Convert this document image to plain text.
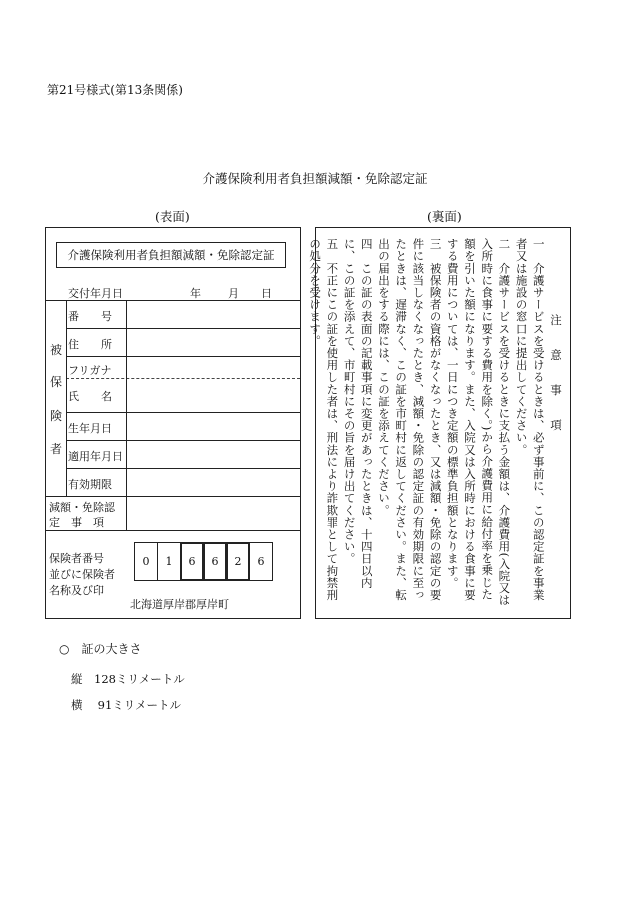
第21号様式(第13条関係)
介護保険利用者負担額減額・免除認定証
(表面)	(裏面)
介護保険利用者負担額減額・免除認定証
交付年月日	年 月 日
被
保
険
者
番　　号
住　　所
フリガナ
氏　　名
生年月日
適用年月日
有効期限
減額・免除認
定　事　項
保険者番号
並びに保険者
名称及び印
0	1	6	6	2	6
北海道厚岸郡厚岸町
注　意　事　項
一　介護サービスを受けるときは、必ず事前に、この認定証を事業者又は施設の窓口に提出してください。
二　介護サービスを受けるときに支払う金額は、介護費用(入院又は入所時に食事に要する費用を除く。)から介護費用に給付率を乗じた額を引いた額になります。また、入院又は入所時における食事に要する費用については、一日につき定額の標準負担額となります。
三　被保険者の資格がなくなったとき、又は減額・免除の認定の要件に該当しなくなったとき、減額・免除の認定証の有効期限に至ったときは、遅滞なく、この証を市町村に返してください。また、転出の届出をする際には、この証を添えてください。
四　この証の表面の記載事項に変更があったときは、十四日以内に、この証を添えて、市町村にその旨を届け出てください。
五　不正にこの証を使用した者は、刑法により詐欺罪として拘禁刑の処分を受けます。
○　証の大きさ
縦　128ミリメートル
横　 91ミリメートル
